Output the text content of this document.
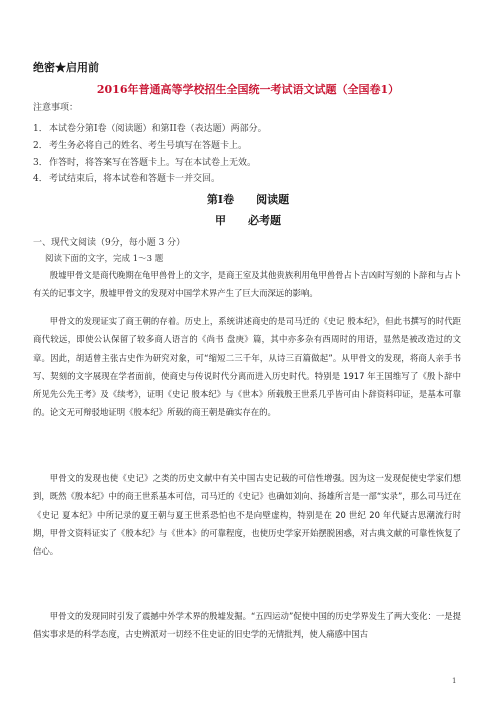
绝密★启用前
2016年普通高等学校招生全国统一考试语文试题（全国卷1）
注意事项：
1．本试卷分第I卷（阅读题）和第II卷（表达题）两部分。
2．考生务必将自己的姓名、考生号填写在答题卡上。
3．作答时，将答案写在答题卡上。写在本试卷上无效。
4．考试结束后，将本试卷和答题卡一并交回。
第Ⅰ卷 阅读题
甲 必考题
一、现代文阅读（9分，每小题 3 分）
阅读下面的文字，完成 1～3 题

殷墟甲骨文是商代晚期在龟甲兽骨上的文字，是商王室及其他贵族利用龟甲兽骨占卜吉凶时写刻的卜辞和与占卜有关的记事文字，殷墟甲骨文的发现对中国学术界产生了巨大而深远的影响。

甲骨文的发现证实了商王朝的存着。历史上，系统讲述商史的是司马迁的《史记 殷本纪》，但此书撰写的时代距商代较远，即使公认保留了较多商人语言的《尚书 盘庚》篇，其中亦多杂有西周时的用语，显然是被改造过的文章。因此，胡适曾主张古史作为研究对象，可“缩短二三千年，从诗三百篇做起”。从甲骨文的发现，将商人亲手书写、契刻的文字展现在学者面前，使商史与传说时代分离而进入历史时代。特别是 1917 年王国维写了《殷卜辞中所见先公先王考》及《续考》，证明《史记 殷本纪》与《世本》所载殷王世系几乎皆可由卜辞资料印证，是基本可靠的。论文无可辩驳地证明《殷本纪》所载的商王朝是确实存在的。

甲骨文的发现也使《史记》之类的历史文献中有关中国古史记载的可信性增强。因为这一发现促使史学家们想到，既然《殷本纪》中的商王世系基本可信，司马迁的《史记》也确如刘向、扬雄所言是一部“实录”，那么司马迁在《史记 夏本纪》中所记录的夏王朝与夏王世系恐怕也不是向壁虚构，特别是在 20 世纪 20 年代疑古思潮流行时期，甲骨文资料证实了《殷本纪》与《世本》的可靠程度，也使历史学家开始摆脱困惑，对古典文献的可靠性恢复了信心。

甲骨文的发现同时引发了震撼中外学术界的殷墟发掘。“五四运动”促使中国的历史学界发生了两大变化：一是提倡实事求是的科学态度，古史辨派对一切经不住史证的旧史学的无情批判，使人痛感中国古

1
